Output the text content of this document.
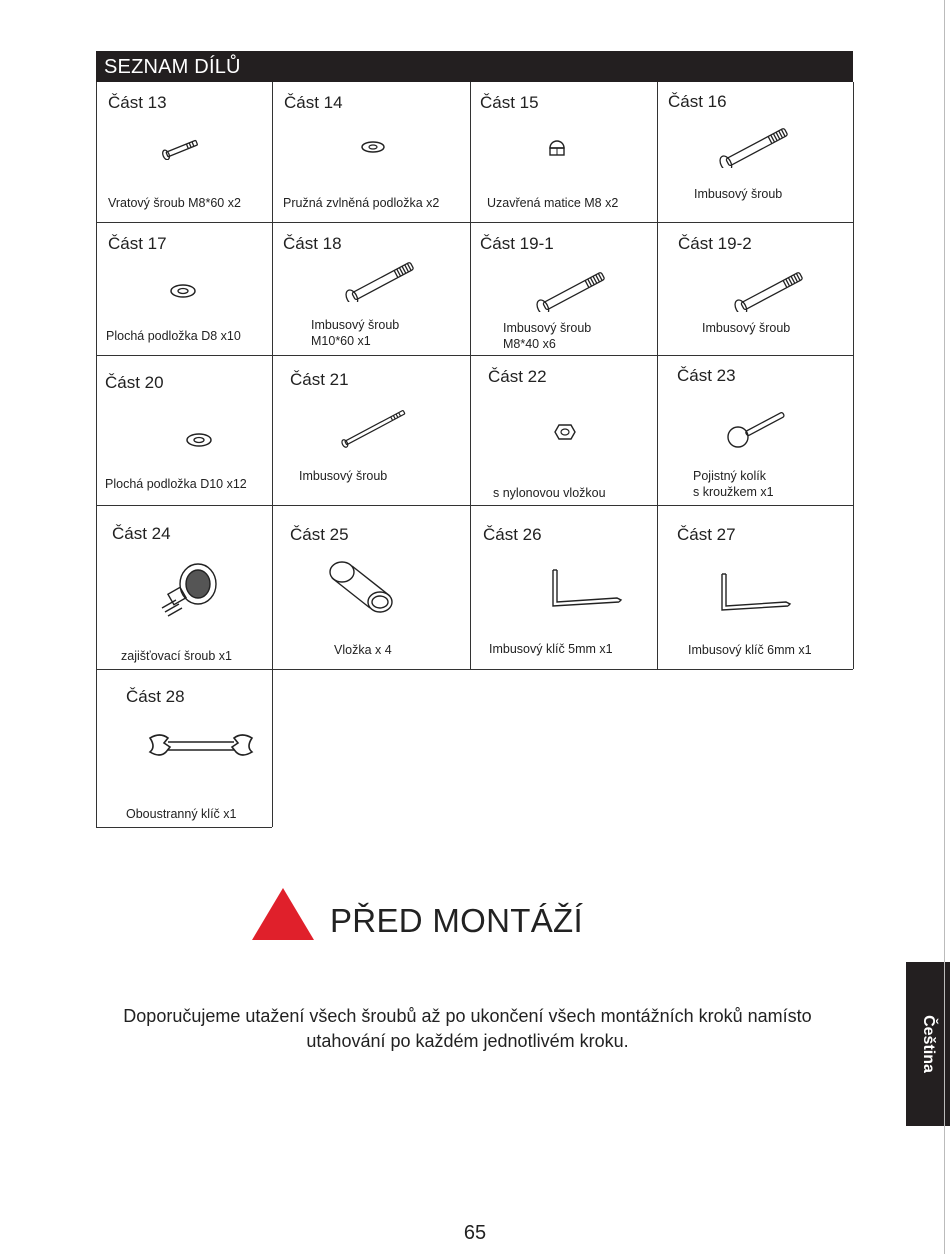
SEZNAM DÍLŮ
Část 13
Vratový šroub M8*60 x2
Část 14
Pružná zvlněná podložka x2
Část 15
Uzavřená matice M8 x2
Část 16
Imbusový šroub
Část 17
Plochá podložka D8 x10
Část 18
Imbusový šroub
M10*60 x1
Část 19-1
Imbusový šroub
M8*40 x6
Část 19-2
Imbusový šroub
Část 20
Plochá podložka D10 x12
Část 21
Imbusový šroub
Část 22
s nylonovou vložkou
Část 23
Pojistný kolík
s kroužkem x1
Část 24
zajišťovací šroub x1
Část 25
Vložka x 4
Část 26
Imbusový klíč 5mm x1
Část 27
Imbusový klíč 6mm x1
Část 28
Oboustranný klíč x1
PŘED MONTÁŽÍ
Doporučujeme utažení všech šroubů až po ukončení všech montážních kroků namísto
utahování po každém jednotlivém kroku.	Čeština
65
